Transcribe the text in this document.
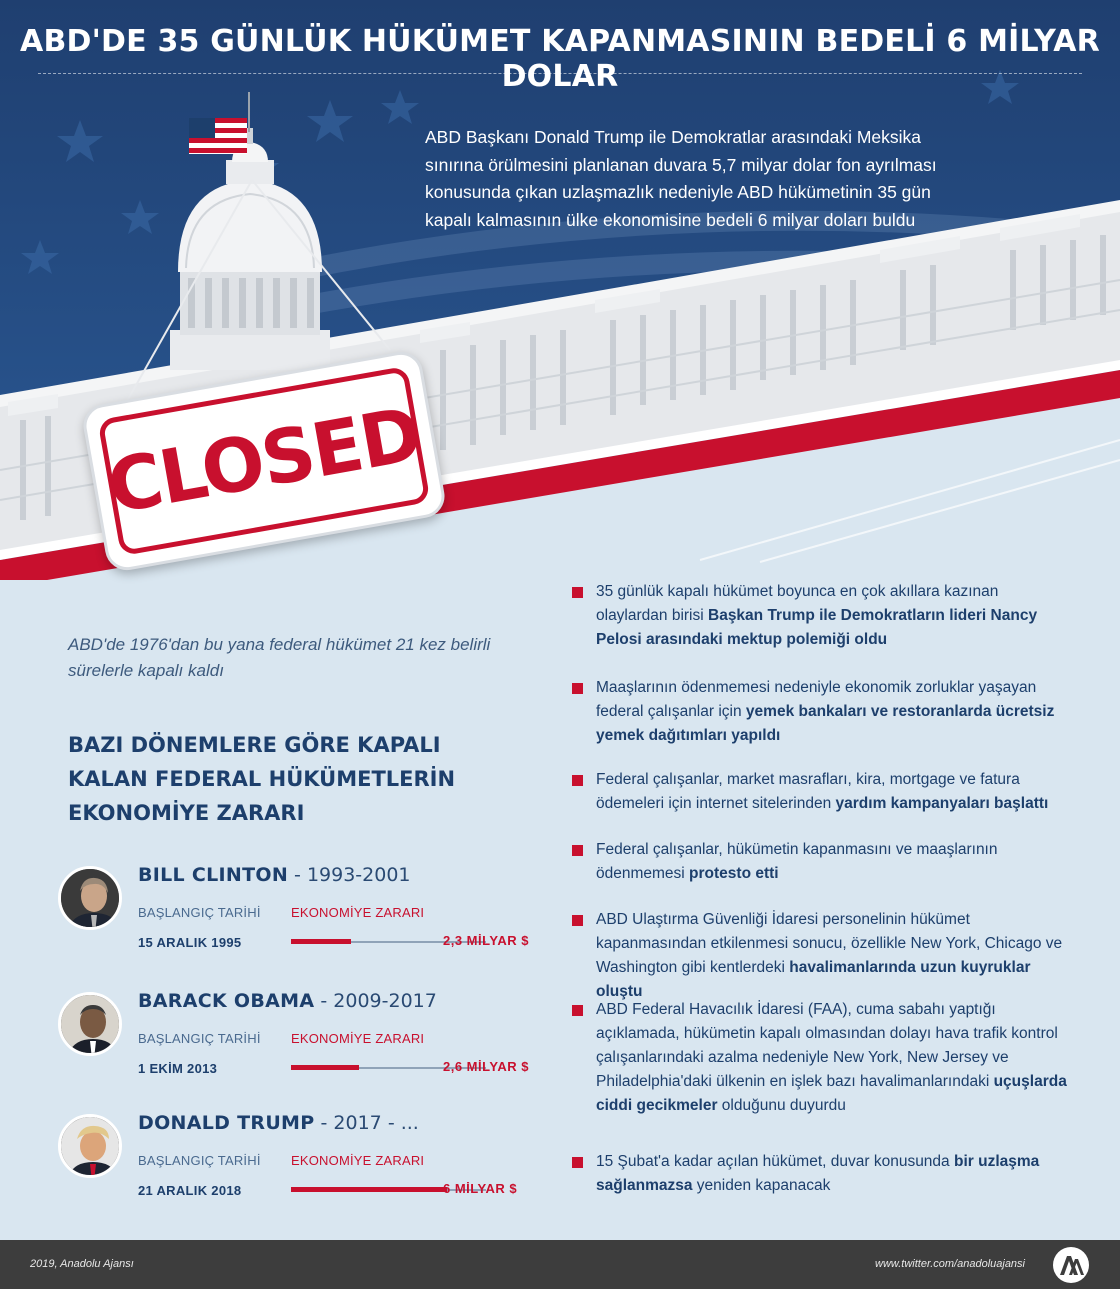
ABD'DE 35 GÜNLÜK HÜKÜMET KAPANMASININ BEDELİ 6 MİLYAR DOLAR
ABD Başkanı Donald Trump ile Demokratlar arasındaki Meksika sınırına örülmesini planlanan duvara 5,7 milyar dolar fon ayrılması konusunda çıkan uzlaşmazlık nedeniyle ABD hükümetinin 35 gün kapalı kalmasının ülke ekonomisine bedeli 6 milyar doları buldu
CLOSED
ABD'de 1976'dan bu yana federal hükümet 21 kez belirli sürelerle kapalı kaldı
BAZI DÖNEMLERE GÖRE KAPALI KALAN FEDERAL HÜKÜMETLERİN EKONOMİYE ZARARI
BILL CLINTON - 1993-2001
BAŞLANGIÇ TARİHİ EKONOMİYE ZARARI
15 ARALIK 1995	2,3 MİLYAR $
BARACK OBAMA - 2009-2017
BAŞLANGIÇ TARİHİ EKONOMİYE ZARARI
1 EKİM 2013	2,6 MİLYAR $
DONALD TRUMP - 2017 - ...
BAŞLANGIÇ TARİHİ EKONOMİYE ZARARI
21 ARALIK 2018	6 MİLYAR $
35 günlük kapalı hükümet boyunca en çok akıllara kazınan olaylardan birisi Başkan Trump ile Demokratların lideri Nancy Pelosi arasındaki mektup polemiği oldu
Maaşlarının ödenmemesi nedeniyle ekonomik zorluklar yaşayan federal çalışanlar için yemek bankaları ve restoranlarda ücretsiz yemek dağıtımları yapıldı
Federal çalışanlar, market masrafları, kira, mortgage ve fatura ödemeleri için internet sitelerinden yardım kampanyaları başlattı
Federal çalışanlar, hükümetin kapanmasını ve maaşlarının ödenmemesi protesto etti
ABD Ulaştırma Güvenliği İdaresi personelinin hükümet kapanmasından etkilenmesi sonucu, özellikle New York, Chicago ve Washington gibi kentlerdeki havalimanlarında uzun kuyruklar oluştu
ABD Federal Havacılık İdaresi (FAA), cuma sabahı yaptığı açıklamada, hükümetin kapalı olmasından dolayı hava trafik kontrol çalışanlarındaki azalma nedeniyle New York, New Jersey ve Philadelphia'daki ülkenin en işlek bazı havalimanlarındaki uçuşlarda ciddi gecikmeler olduğunu duyurdu
15 Şubat'a kadar açılan hükümet, duvar konusunda bir uzlaşma sağlanmazsa yeniden kapanacak
2019, Anadolu Ajansı	www.twitter.com/anadoluajansi
